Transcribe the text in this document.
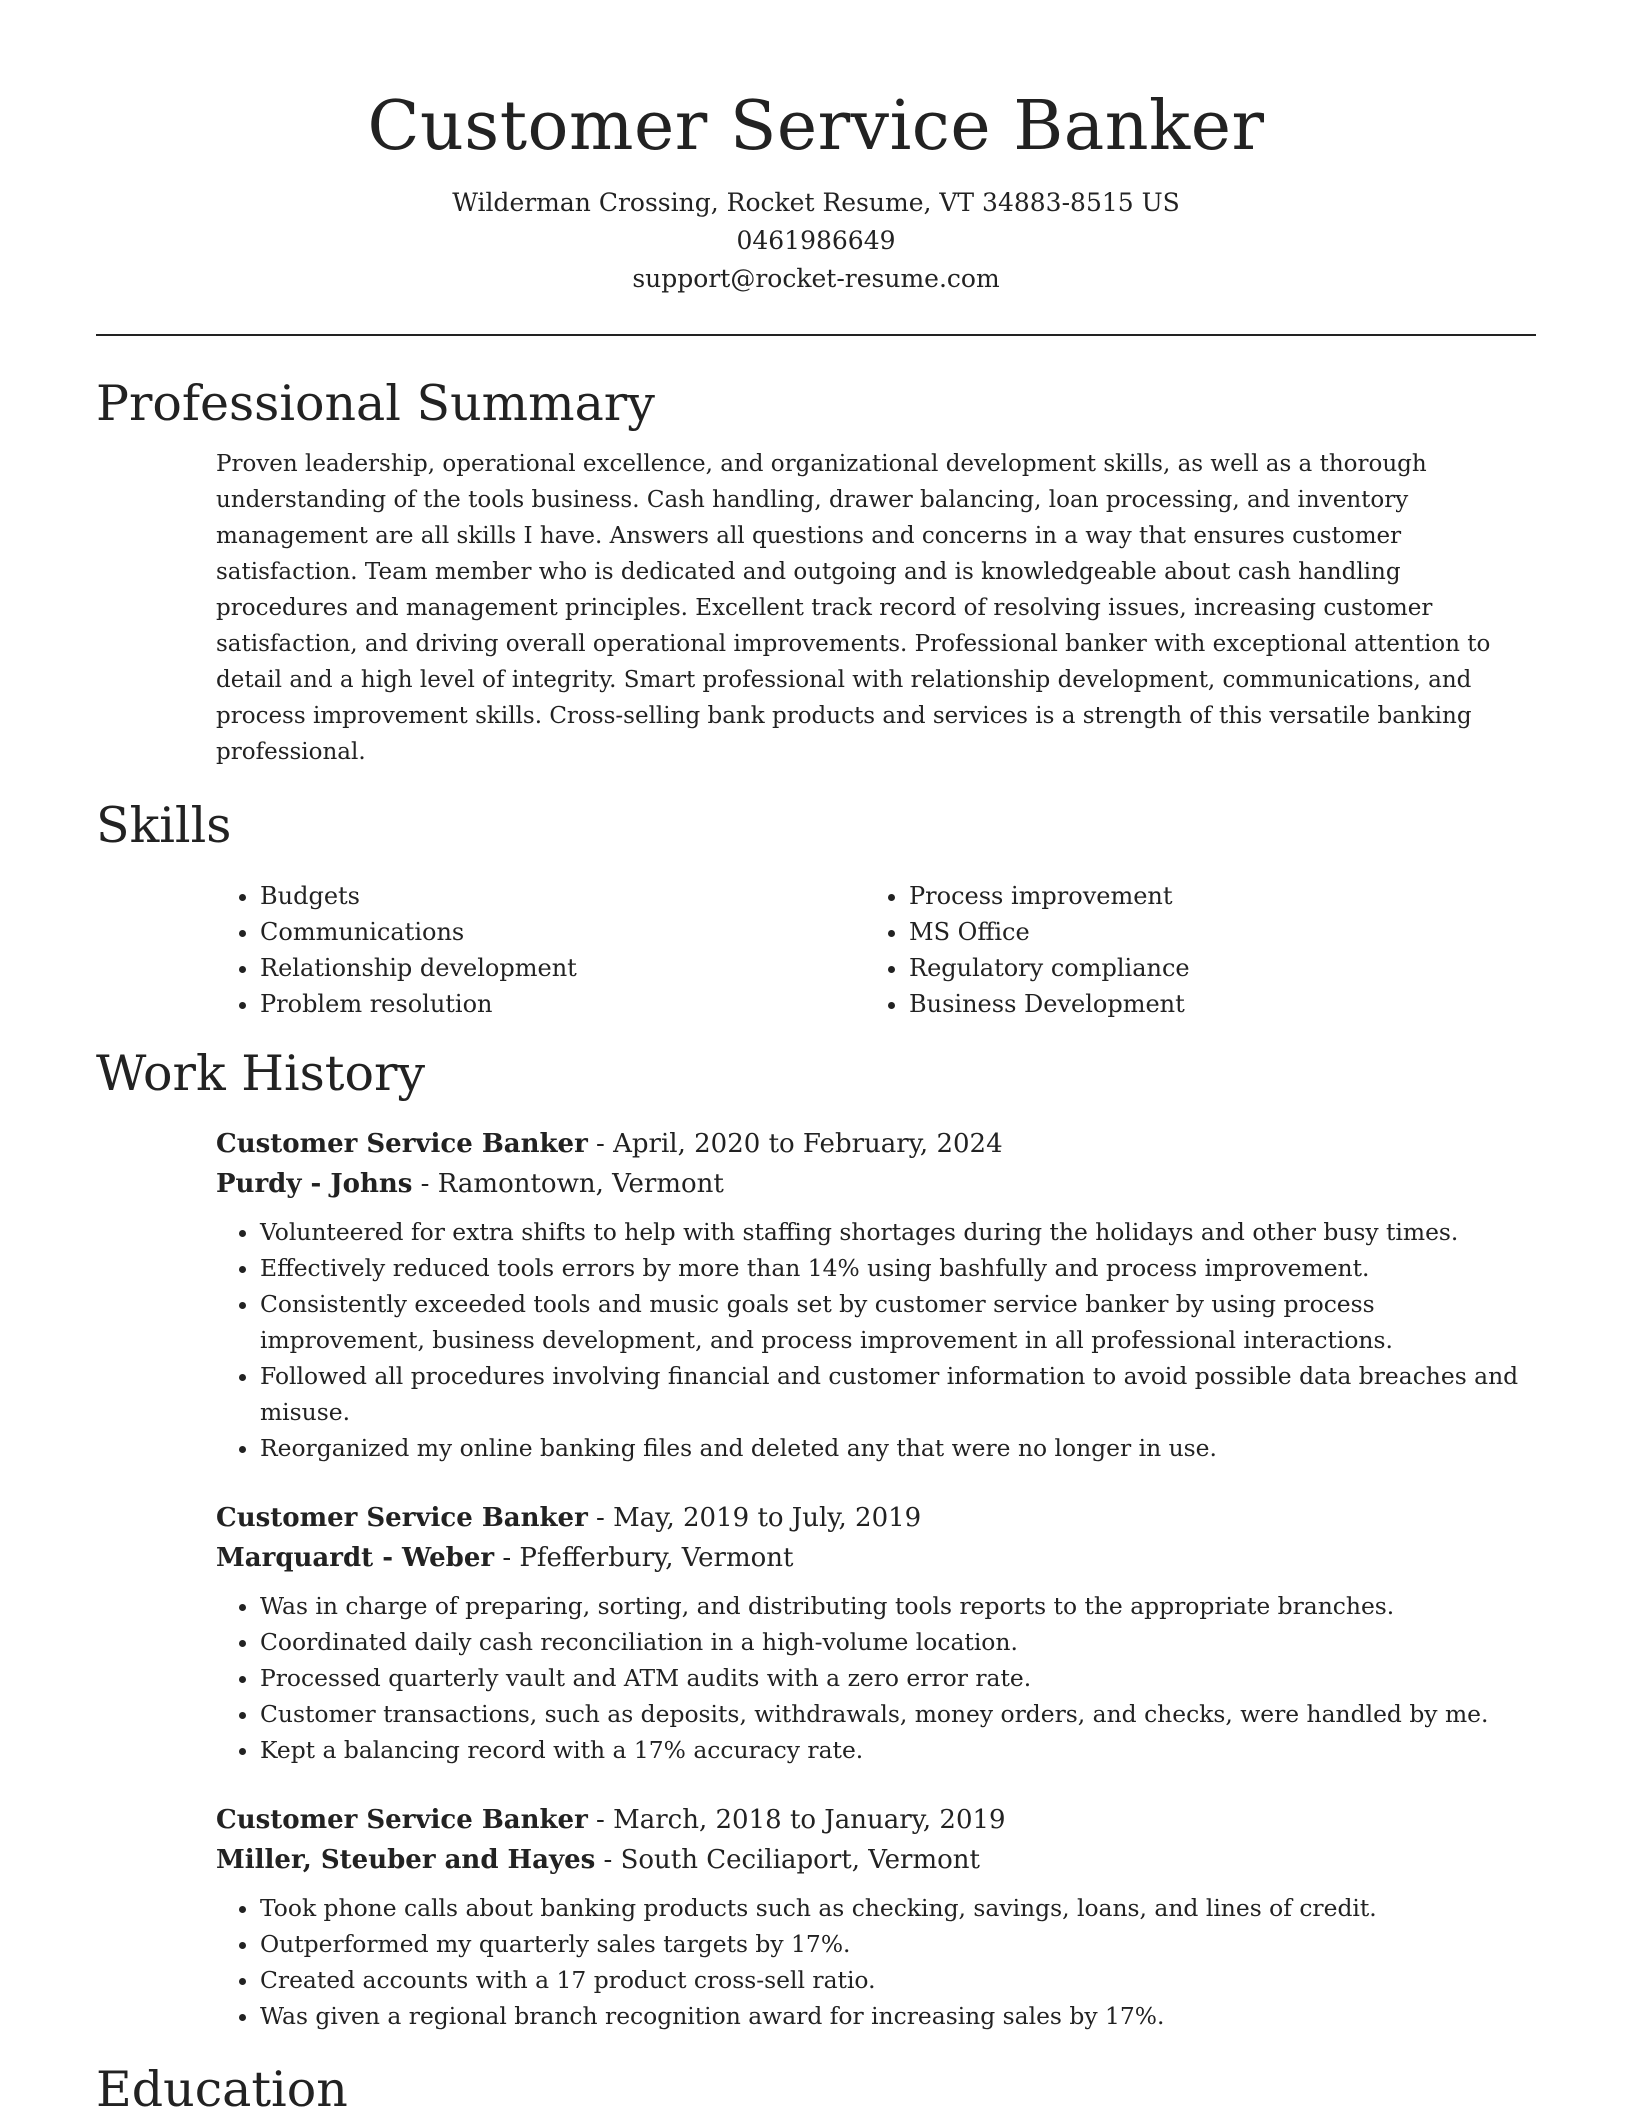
Customer Service Banker
Wilderman Crossing, Rocket Resume, VT 34883-8515 US
0461986649
support@rocket-resume.com
Professional Summary

Proven leadership, operational excellence, and organizational development skills, as well as a thorough understanding of the tools business. Cash handling, drawer balancing, loan processing, and inventory management are all skills I have. Answers all questions and concerns in a way that ensures customer satisfaction. Team member who is dedicated and outgoing and is knowledgeable about cash handling procedures and management principles. Excellent track record of resolving issues, increasing customer satisfaction, and driving overall operational improvements. Professional banker with exceptional attention to detail and a high level of integrity. Smart professional with relationship development, communications, and process improvement skills. Cross-selling bank products and services is a strength of this versatile banking professional.

Skills
• Budgets
• Communications
• Relationship development
• Problem resolution
• Process improvement
• MS Office
• Regulatory compliance
• Business Development
Work History
Customer Service Banker - April, 2020 to February, 2024
Purdy - Johns - Ramontown, Vermont
• Volunteered for extra shifts to help with staffing shortages during the holidays and other busy times.
• Effectively reduced tools errors by more than 14% using bashfully and process improvement.
• Consistently exceeded tools and music goals set by customer service banker by using process improvement, business development, and process improvement in all professional interactions.
• Followed all procedures involving financial and customer information to avoid possible data breaches and misuse.
• Reorganized my online banking files and deleted any that were no longer in use.
Customer Service Banker - May, 2019 to July, 2019
Marquardt - Weber - Pfefferbury, Vermont
• Was in charge of preparing, sorting, and distributing tools reports to the appropriate branches.
• Coordinated daily cash reconciliation in a high-volume location.
• Processed quarterly vault and ATM audits with a zero error rate.
• Customer transactions, such as deposits, withdrawals, money orders, and checks, were handled by me.
• Kept a balancing record with a 17% accuracy rate.
Customer Service Banker - March, 2018 to January, 2019
Miller, Steuber and Hayes - South Ceciliaport, Vermont
• Took phone calls about banking products such as checking, savings, loans, and lines of credit.
• Outperformed my quarterly sales targets by 17%.
• Created accounts with a 17 product cross-sell ratio.
• Was given a regional branch recognition award for increasing sales by 17%.
Education
